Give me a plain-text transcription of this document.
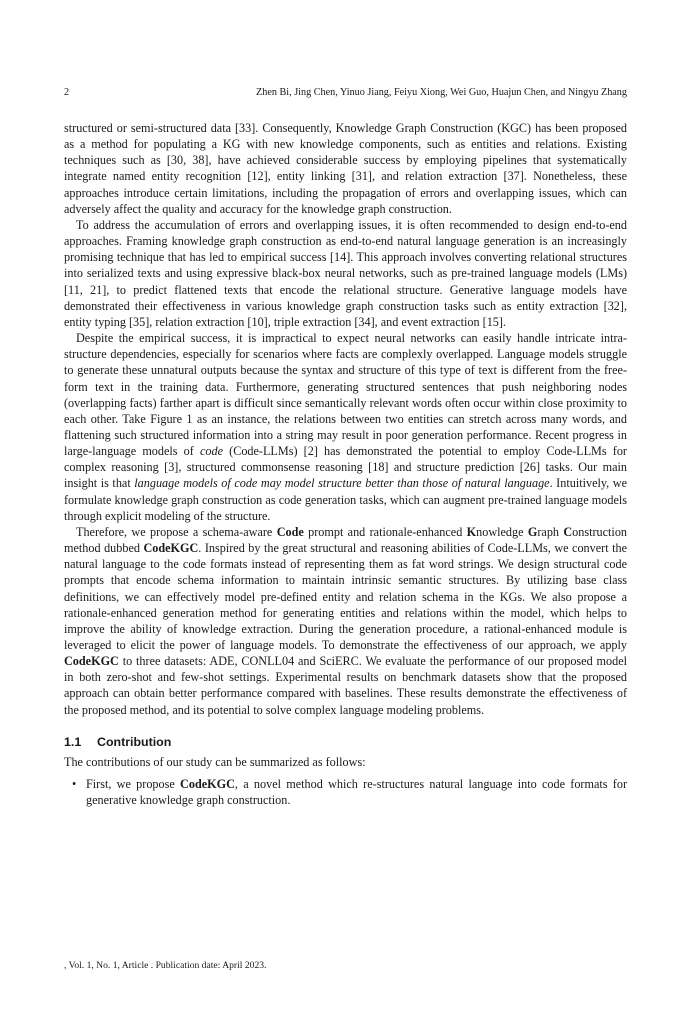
2	Zhen Bi, Jing Chen, Yinuo Jiang, Feiyu Xiong, Wei Guo, Huajun Chen, and Ningyu Zhang

structured or semi-structured data [33]. Consequently, Knowledge Graph Construction (KGC) has been proposed as a method for populating a KG with new knowledge components, such as entities and relations. Existing techniques such as [30, 38], have achieved considerable success by employing pipelines that systematically integrate named entity recognition [12], entity linking [31], and relation extraction [37]. Nonetheless, these approaches introduce certain limitations, including the propagation of errors and overlapping issues, which can adversely affect the quality and accuracy for the knowledge graph construction.

To address the accumulation of errors and overlapping issues, it is often recommended to design end-to-end approaches. Framing knowledge graph construction as end-to-end natural language generation is an increasingly promising technique that has led to empirical success [14]. This approach involves converting relational structures into serialized texts and using expressive black-box neural networks, such as pre-trained language models (LMs) [11, 21], to predict flattened texts that encode the relational structure. Generative language models have demonstrated their effectiveness in various knowledge graph construction tasks such as entity extraction [32], entity typing [35], relation extraction [10], triple extraction [34], and event extraction [15].

Despite the empirical success, it is impractical to expect neural networks can easily handle intricate intra-structure dependencies, especially for scenarios where facts are complexly overlapped. Language models struggle to generate these unnatural outputs because the syntax and structure of this type of text is different from the free-form text in the training data. Furthermore, generating structured sentences that push neighboring nodes (overlapping facts) farther apart is difficult since semantically relevant words often occur within close proximity to each other. Take Figure 1 as an instance, the relations between two entities can stretch across many words, and flattening such structured information into a string may result in poor generation performance. Recent progress in large-language models of code (Code-LLMs) [2] has demonstrated the potential to employ Code-LLMs for complex reasoning [3], structured commonsense reasoning [18] and structure prediction [26] tasks. Our main insight is that language models of code may model structure better than those of natural language. Intuitively, we formulate knowledge graph construction as code generation tasks, which can augment pre-trained language models through explicit modeling of the structure.

Therefore, we propose a schema-aware Code prompt and rationale-enhanced Knowledge Graph Construction method dubbed CodeKGC. Inspired by the great structural and reasoning abilities of Code-LLMs, we convert the natural language to the code formats instead of representing them as fat word strings. We design structural code prompts that encode schema information to maintain intrinsic semantic structures. By utilizing base class definitions, we can effectively model pre-defined entity and relation schema in the KGs. We also propose a rationale-enhanced generation method for generating entities and relations within the model, which helps to improve the ability of knowledge extraction. During the generation procedure, a rational-enhanced module is leveraged to elicit the power of language models. To demonstrate the effectiveness of our approach, we apply CodeKGC to three datasets: ADE, CONLL04 and SciERC. We evaluate the performance of our proposed model in both zero-shot and few-shot settings. Experimental results on benchmark datasets show that the proposed approach can obtain better performance compared with baselines. These results demonstrate the effectiveness of the proposed method, and its potential to solve complex language modeling problems.

1.1 Contribution

The contributions of our study can be summarized as follows:

• First, we propose CodeKGC, a novel method which re-structures natural language into code formats for generative knowledge graph construction.
, Vol. 1, No. 1, Article . Publication date: April 2023.
